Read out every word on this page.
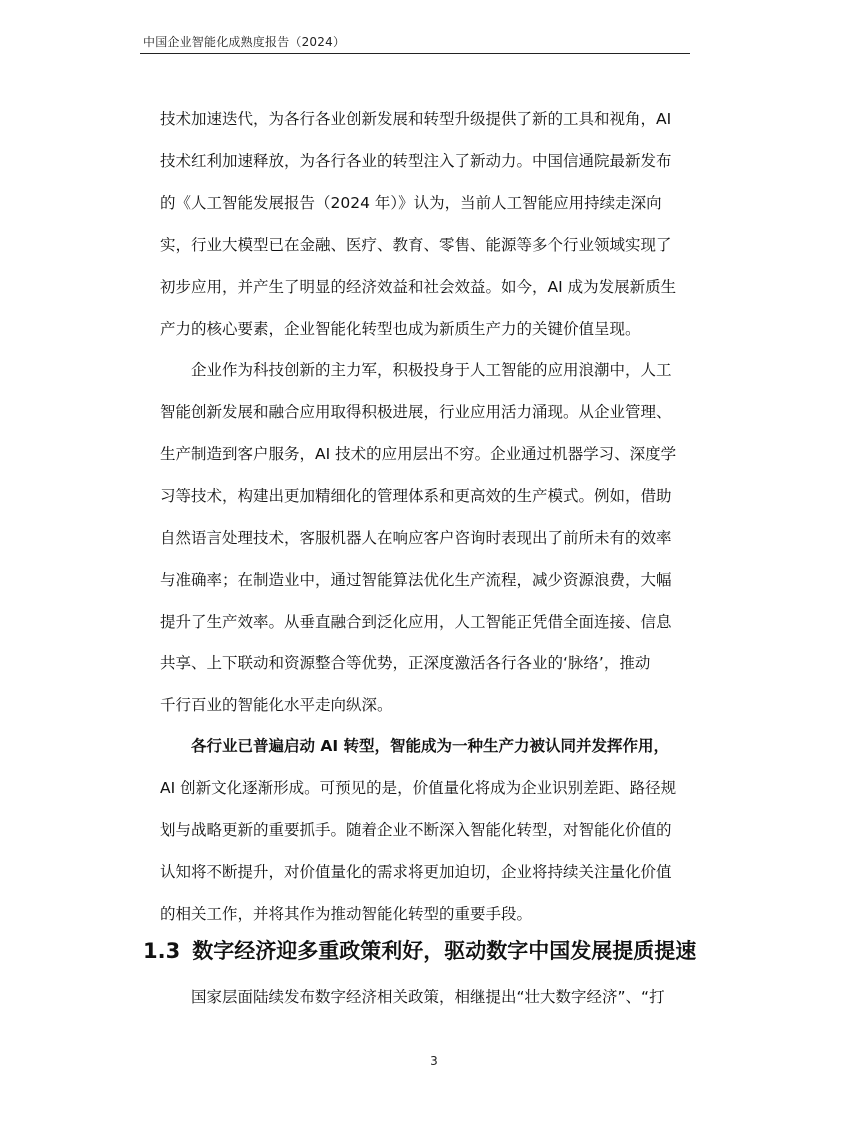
中国企业智能化成熟度报告（2024）
技术加速迭代，为各行各业创新发展和转型升级提供了新的工具和视角，AI
技术红利加速释放，为各行各业的转型注入了新动力。中国信通院最新发布
的《人工智能发展报告（2024 年）》认为，当前人工智能应用持续走深向
实，行业大模型已在金融、医疗、教育、零售、能源等多个行业领域实现了
初步应用，并产生了明显的经济效益和社会效益。如今，AI 成为发展新质生
产力的核心要素，企业智能化转型也成为新质生产力的关键价值呈现。
企业作为科技创新的主力军，积极投身于人工智能的应用浪潮中，人工
智能创新发展和融合应用取得积极进展，行业应用活力涌现。从企业管理、
生产制造到客户服务，AI 技术的应用层出不穷。企业通过机器学习、深度学
习等技术，构建出更加精细化的管理体系和更高效的生产模式。例如，借助
自然语言处理技术，客服机器人在响应客户咨询时表现出了前所未有的效率
与准确率；在制造业中，通过智能算法优化生产流程，减少资源浪费，大幅
提升了生产效率。从垂直融合到泛化应用，人工智能正凭借全面连接、信息
共享、上下联动和资源整合等优势，正深度激活各行各业的‘脉络’，推动
千行百业的智能化水平走向纵深。
各行业已普遍启动 AI 转型，智能成为一种生产力被认同并发挥作用，
AI 创新文化逐渐形成。可预见的是，价值量化将成为企业识别差距、路径规
划与战略更新的重要抓手。随着企业不断深入智能化转型，对智能化价值的
认知将不断提升，对价值量化的需求将更加迫切，企业将持续关注量化价值
的相关工作，并将其作为推动智能化转型的重要手段。
1.3 数字经济迎多重政策利好，驱动数字中国发展提质提速
国家层面陆续发布数字经济相关政策，相继提出“壮大数字经济”、“打
3
